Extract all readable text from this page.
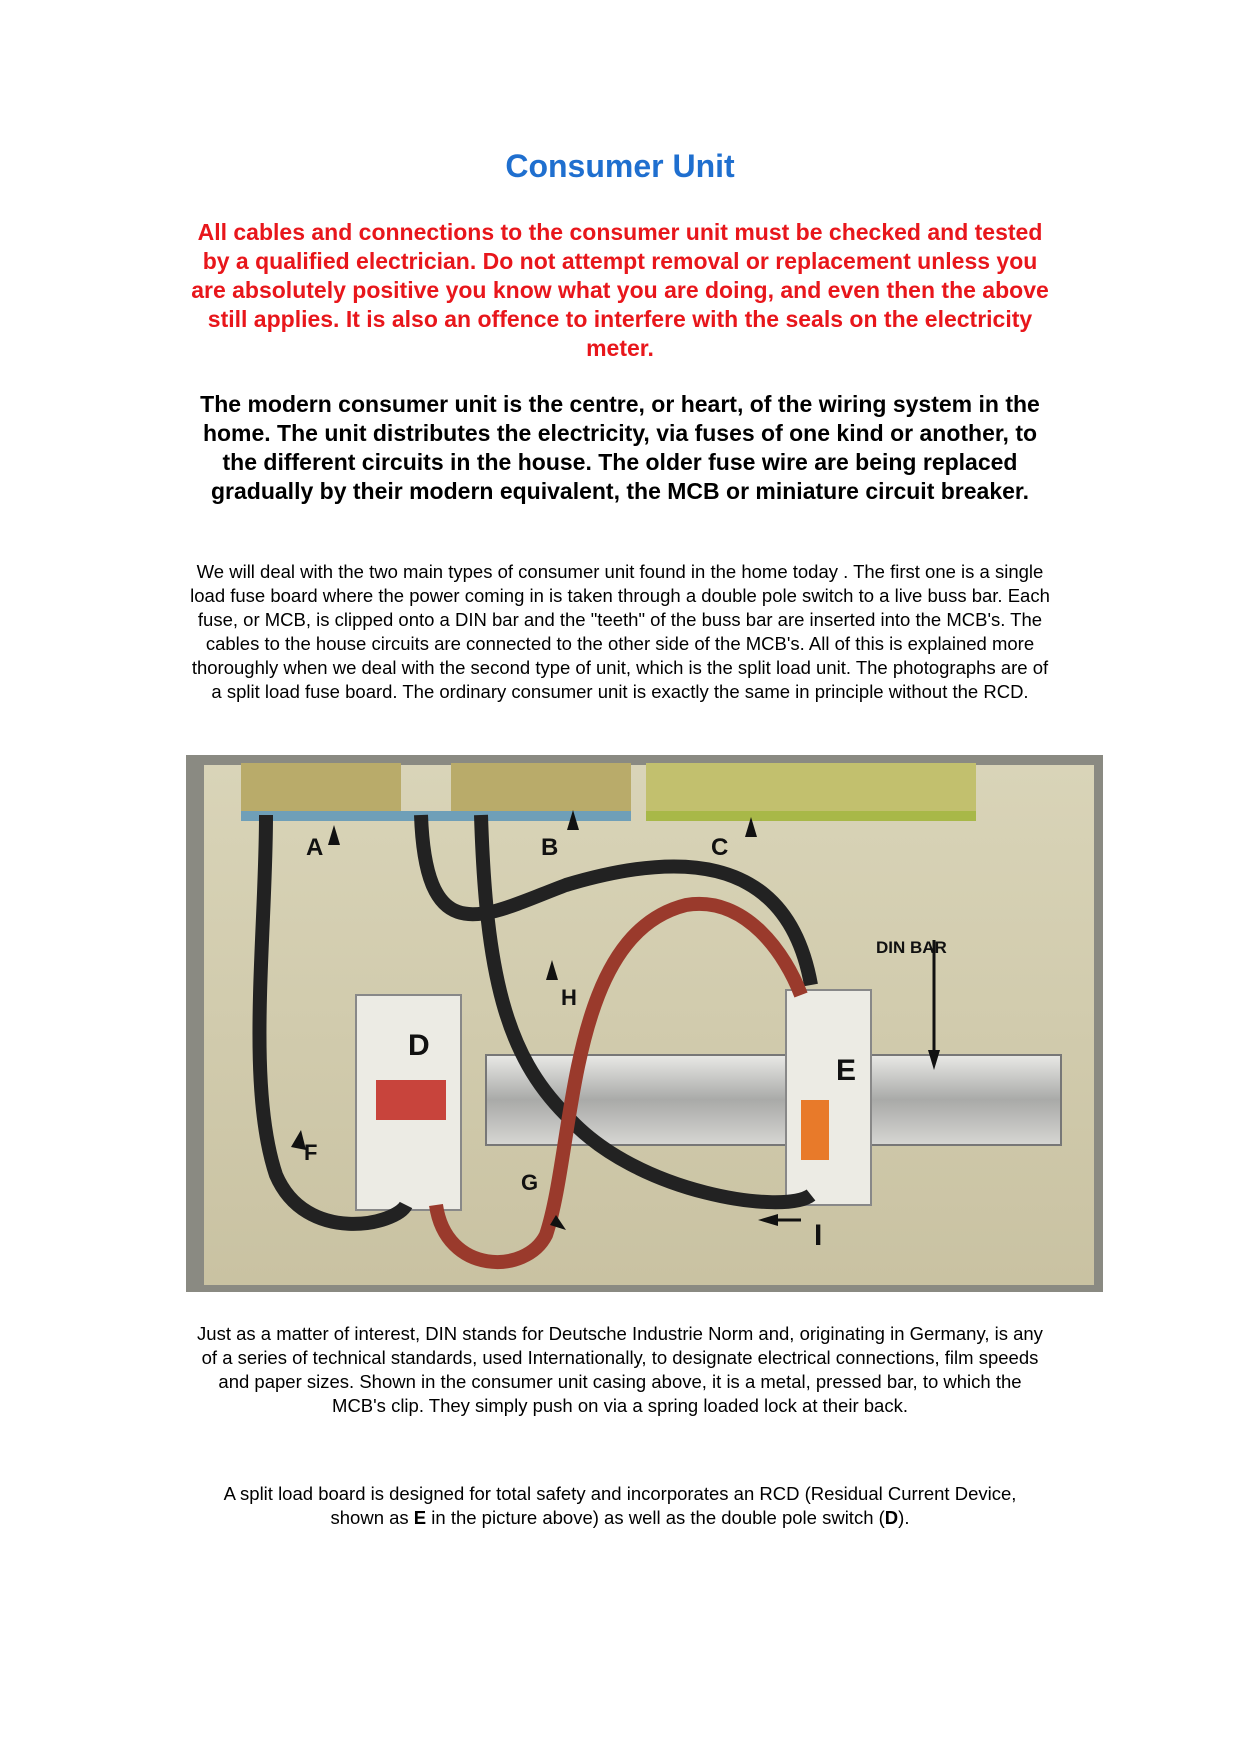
Consumer Unit

All cables and connections to the consumer unit must be checked and tested by a qualified electrician. Do not attempt removal or replacement unless you are absolutely positive you know what you are doing, and even then the above still applies. It is also an offence to interfere with the seals on the electricity meter.

The modern consumer unit is the centre, or heart, of the wiring system in the home. The unit distributes the electricity, via fuses of one kind or another, to the different circuits in the house. The older fuse wire are being replaced gradually by their modern equivalent, the MCB or miniature circuit breaker.

We will deal with the two main types of consumer unit found in the home today . The first one is a single load fuse board where the power coming in is taken through a double pole switch to a live buss bar. Each fuse, or MCB, is clipped onto a DIN bar and the "teeth" of the buss bar are inserted into the MCB's. The cables to the house circuits are connected to the other side of the MCB's. All of this is explained more thoroughly when we deal with the second type of unit, which is the split load unit. The photographs are of a split load fuse board. The ordinary consumer unit is exactly the same in principle without the RCD.

A	B	C
D
E
F
G
H
I
DIN BAR

Just as a matter of interest, DIN stands for Deutsche Industrie Norm and, originating in Germany, is any of a series of technical standards, used Internationally, to designate electrical connections, film speeds and paper sizes. Shown in the consumer unit casing above, it is a metal, pressed bar, to which the MCB's clip. They simply push on via a spring loaded lock at their back.

A split load board is designed for total safety and incorporates an RCD (Residual Current Device, shown as E in the picture above) as well as the double pole switch (D).
